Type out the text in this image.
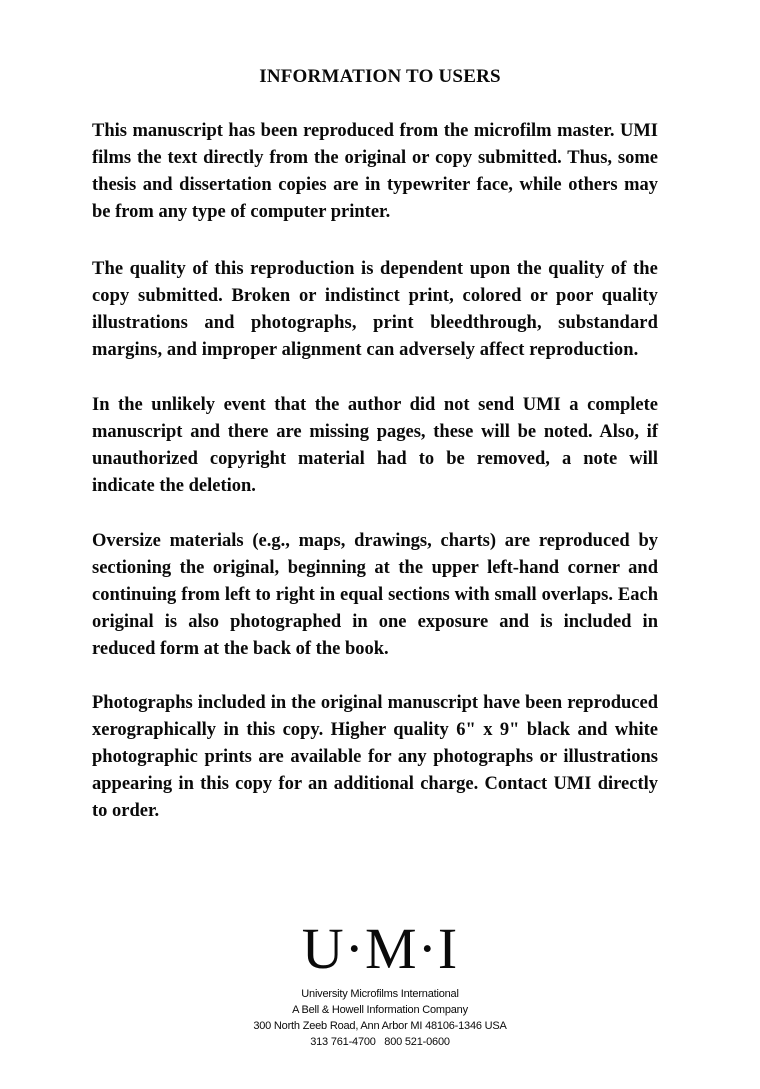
INFORMATION TO USERS
This manuscript has been reproduced from the microfilm master. UMI films the text directly from the original or copy submitted. Thus, some thesis and dissertation copies are in typewriter face, while others may be from any type of computer printer.
The quality of this reproduction is dependent upon the quality of the copy submitted. Broken or indistinct print, colored or poor quality illustrations and photographs, print bleedthrough, substandard margins, and improper alignment can adversely affect reproduction.
In the unlikely event that the author did not send UMI a complete manuscript and there are missing pages, these will be noted. Also, if unauthorized copyright material had to be removed, a note will indicate the deletion.
Oversize materials (e.g., maps, drawings, charts) are reproduced by sectioning the original, beginning at the upper left-hand corner and continuing from left to right in equal sections with small overlaps. Each original is also photographed in one exposure and is included in reduced form at the back of the book.
Photographs included in the original manuscript have been reproduced xerographically in this copy. Higher quality 6" x 9" black and white photographic prints are available for any photographs or illustrations appearing in this copy for an additional charge. Contact UMI directly to order.
U·M·I
University Microfilms International
A Bell & Howell Information Company
300 North Zeeb Road, Ann Arbor MI 48106-1346 USA
313 761-4700   800 521-0600
